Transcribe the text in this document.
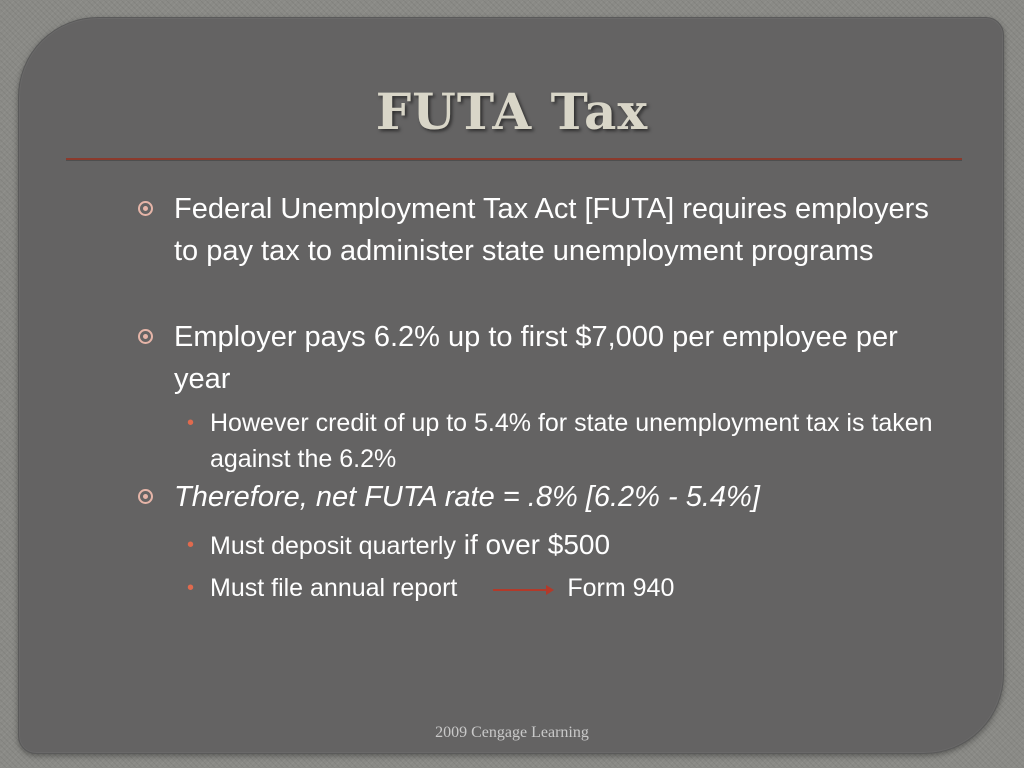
FUTA Tax
Federal Unemployment Tax Act [FUTA] requires employers to pay tax to administer state unemployment programs
Employer pays 6.2% up to first $7,000 per employee per year
• However credit of up to 5.4% for state unemployment tax is taken against the 6.2%
Therefore, net FUTA rate = .8% [6.2% - 5.4%]
• Must deposit quarterly if over $500
• Must file annual report	Form 940
2009 Cengage Learning
